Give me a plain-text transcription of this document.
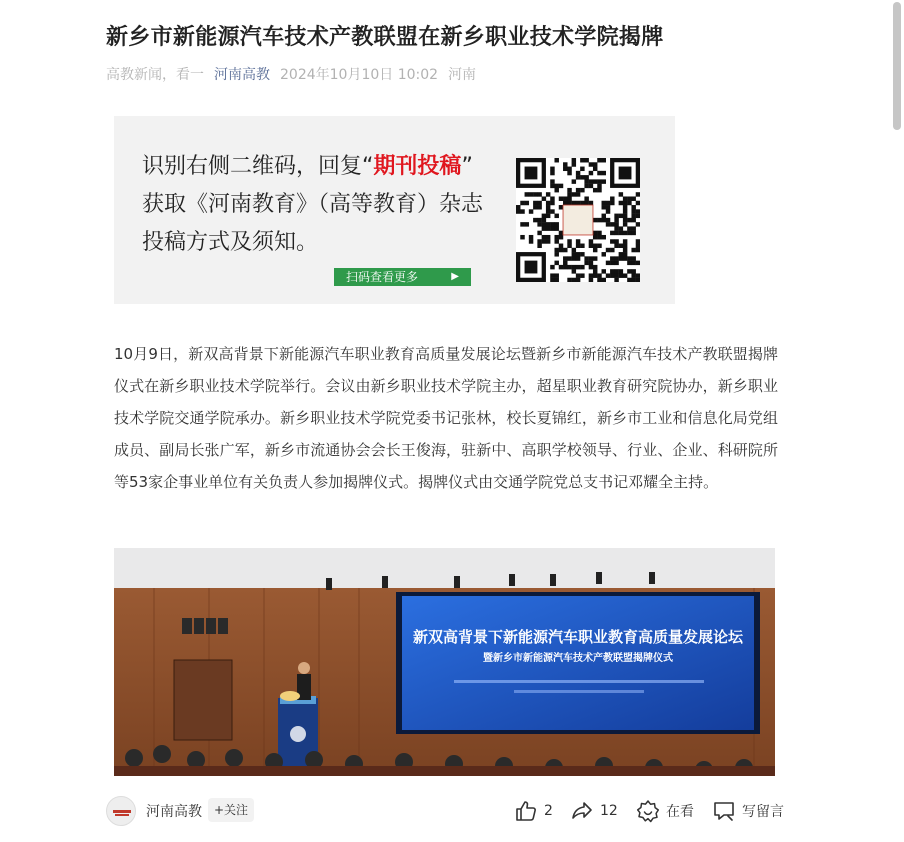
新乡市新能源汽车技术产教联盟在新乡职业技术学院揭牌
高教新闻，看一 河南高教 2024年10月10日 10:02 河南
识别右侧二维码，回复“期刊投稿”
获取《河南教育》（高等教育）杂志
投稿方式及须知。
扫码查看更多	▶

10月9日，新双高背景下新能源汽车职业教育高质量发展论坛暨新乡市新能源汽车技术产教联盟揭牌仪式在新乡职业技术学院举行。会议由新乡职业技术学院主办，超星职业教育研究院协办，新乡职业技术学院交通学院承办。新乡职业技术学院党委书记张林，校长夏锦红，新乡市工业和信息化局党组成员、副局长张广军，新乡市流通协会会长王俊海，驻新中、高职学校领导、行业、企业、科研院所等53家企事业单位有关负责人参加揭牌仪式。揭牌仪式由交通学院党总支书记邓耀全主持。

新双高背景下新能源汽车职业教育高质量发展论坛
暨新乡市新能源汽车技术产教联盟揭牌仪式
河南高教	+关注	2	12	在看	写留言
